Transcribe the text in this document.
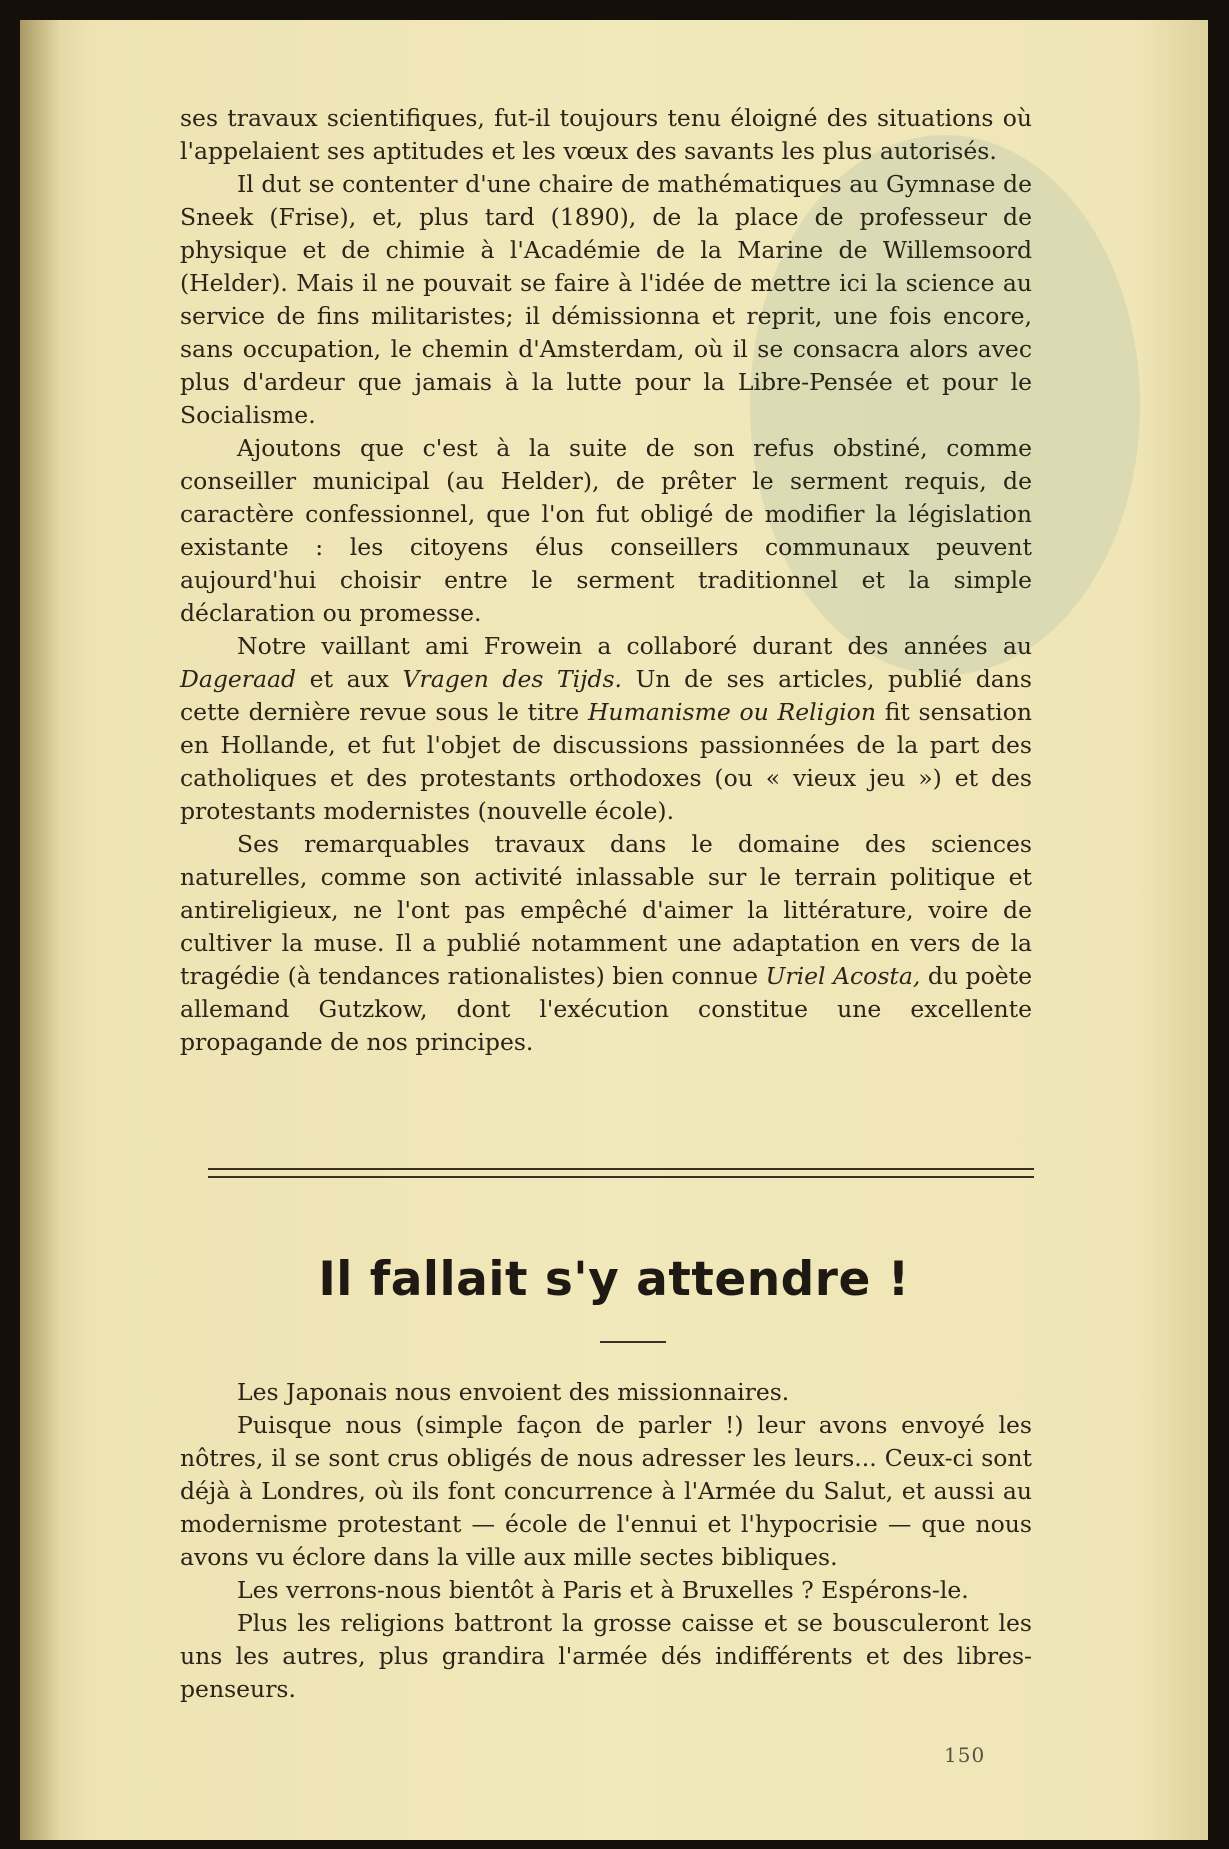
ses travaux scientifiques, fut-il toujours tenu éloigné des situations où l'appelaient ses aptitudes et les vœux des savants les plus autorisés.

Il dut se contenter d'une chaire de mathématiques au Gymnase de Sneek (Frise), et, plus tard (1890), de la place de professeur de physique et de chimie à l'Académie de la Marine de Willemsoord (Helder). Mais il ne pouvait se faire à l'idée de mettre ici la science au service de fins militaristes; il démissionna et reprit, une fois encore, sans occupation, le chemin d'Amsterdam, où il se consacra alors avec plus d'ardeur que jamais à la lutte pour la Libre-Pensée et pour le Socialisme.

Ajoutons que c'est à la suite de son refus obstiné, comme conseiller municipal (au Helder), de prêter le serment requis, de caractère confessionnel, que l'on fut obligé de modifier la législation existante : les citoyens élus conseillers communaux peuvent aujourd'hui choisir entre le serment traditionnel et la simple déclaration ou promesse.

Notre vaillant ami Frowein a collaboré durant des années au Dageraad et aux Vragen des Tijds. Un de ses articles, publié dans cette dernière revue sous le titre Humanisme ou Religion fit sensation en Hollande, et fut l'objet de discussions passionnées de la part des catholiques et des protestants orthodoxes (ou « vieux jeu ») et des protestants modernistes (nouvelle école).

Ses remarquables travaux dans le domaine des sciences naturelles, comme son activité inlassable sur le terrain politique et antireligieux, ne l'ont pas empêché d'aimer la littérature, voire de cultiver la muse. Il a publié notamment une adaptation en vers de la tragédie (à tendances rationalistes) bien connue Uriel Acosta, du poète allemand Gutzkow, dont l'exécution constitue une excellente propagande de nos principes.

Il fallait s'y attendre !

Les Japonais nous envoient des missionnaires.

Puisque nous (simple façon de parler !) leur avons envoyé les nôtres, il se sont crus obligés de nous adresser les leurs... Ceux-ci sont déjà à Londres, où ils font concurrence à l'Armée du Salut, et aussi au modernisme protestant — école de l'ennui et l'hypocrisie — que nous avons vu éclore dans la ville aux mille sectes bibliques.

Les verrons-nous bientôt à Paris et à Bruxelles ? Espérons-le.

Plus les religions battront la grosse caisse et se bousculeront les uns les autres, plus grandira l'armée dés indifférents et des libres-penseurs.

150
